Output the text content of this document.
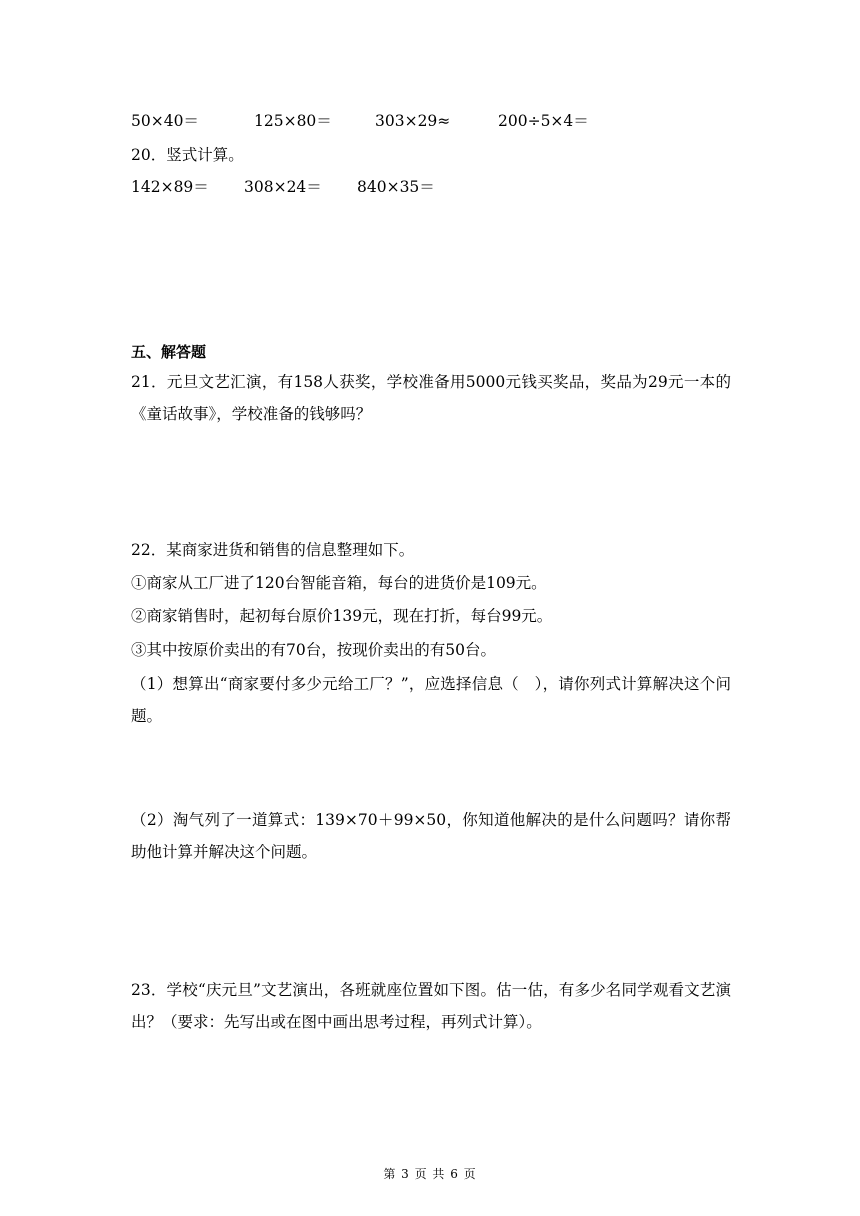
50×40＝	125×80＝	303×29≈	200÷5×4＝
20．竖式计算。
142×89＝ 308×24＝ 840×35＝
五、解答题
21．元旦文艺汇演，有158人获奖，学校准备用5000元钱买奖品，奖品为29元一本的《童话故事》，学校准备的钱够吗？
22．某商家进货和销售的信息整理如下。
①商家从工厂进了120台智能音箱，每台的进货价是109元。
②商家销售时，起初每台原价139元，现在打折，每台99元。
③其中按原价卖出的有70台，按现价卖出的有50台。
（1）想算出“商家要付多少元给工厂？”，应选择信息（　），请你列式计算解决这个问题。
（2）淘气列了一道算式：139×70＋99×50，你知道他解决的是什么问题吗？请你帮助他计算并解决这个问题。
23．学校“庆元旦”文艺演出，各班就座位置如下图。估一估，有多少名同学观看文艺演出？（要求：先写出或在图中画出思考过程，再列式计算）。
第 3 页 共 6 页
